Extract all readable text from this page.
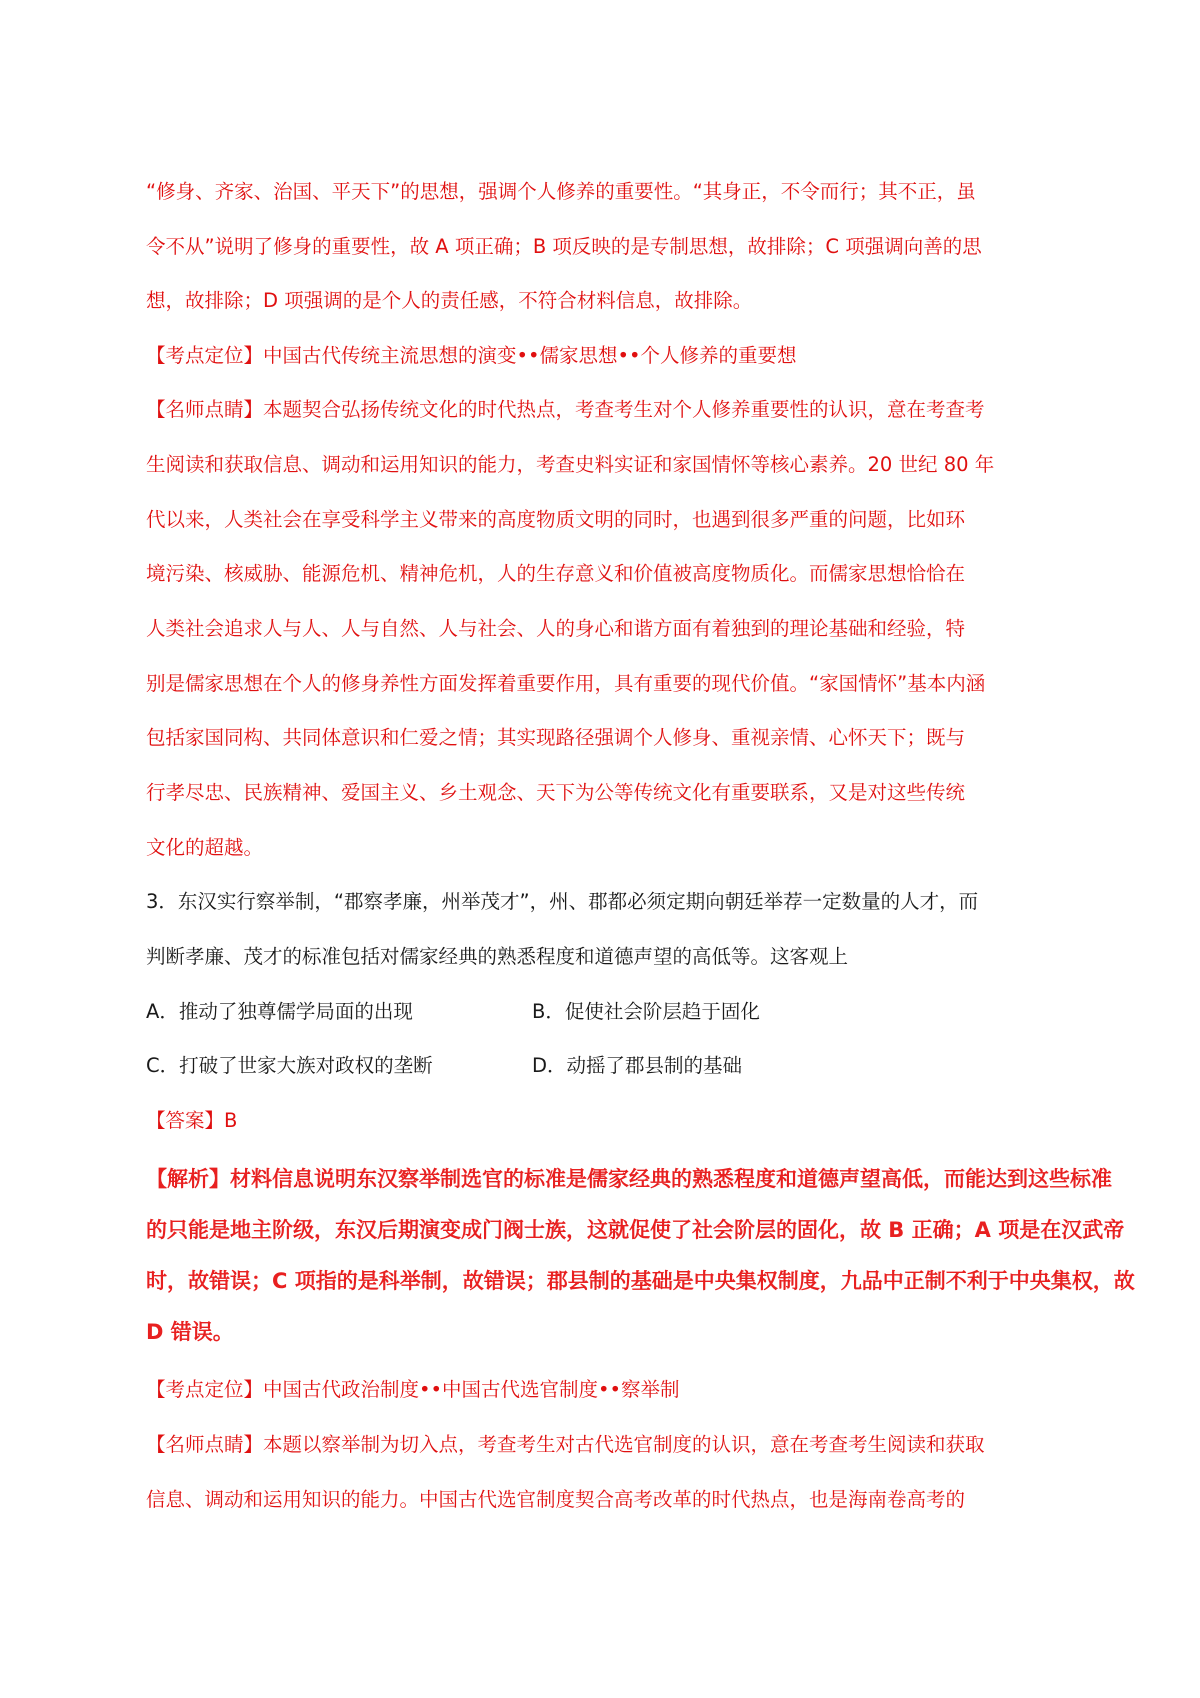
“修身、齐家、治国、平天下”的思想，强调个人修养的重要性。“其身正，不令而行；其不正，虽

令不从”说明了修身的重要性，故 A 项正确；B 项反映的是专制思想，故排除；C 项强调向善的思

想，故排除；D 项强调的是个人的责任感，不符合材料信息，故排除。

【考点定位】中国古代传统主流思想的演变••儒家思想••个人修养的重要想

【名师点睛】本题契合弘扬传统文化的时代热点，考查考生对个人修养重要性的认识，意在考查考

生阅读和获取信息、调动和运用知识的能力，考查史料实证和家国情怀等核心素养。20 世纪 80 年

代以来，人类社会在享受科学主义带来的高度物质文明的同时，也遇到很多严重的问题，比如环

境污染、核威胁、能源危机、精神危机，人的生存意义和价值被高度物质化。而儒家思想恰恰在

人类社会追求人与人、人与自然、人与社会、人的身心和谐方面有着独到的理论基础和经验，特

别是儒家思想在个人的修身养性方面发挥着重要作用，具有重要的现代价值。“家国情怀”基本内涵

包括家国同构、共同体意识和仁爱之情；其实现路径强调个人修身、重视亲情、心怀天下；既与

行孝尽忠、民族精神、爱国主义、乡土观念、天下为公等传统文化有重要联系，又是对这些传统

文化的超越。

3．东汉实行察举制，“郡察孝廉，州举茂才”，州、郡都必须定期向朝廷举荐一定数量的人才，而

判断孝廉、茂才的标准包括对儒家经典的熟悉程度和道德声望的高低等。这客观上

A．推动了独尊儒学局面的出现	B．促使社会阶层趋于固化

C．打破了世家大族对政权的垄断	D．动摇了郡县制的基础

【答案】B

【解析】材料信息说明东汉察举制选官的标准是儒家经典的熟悉程度和道德声望高低，而能达到这些标准

的只能是地主阶级，东汉后期演变成门阀士族，这就促使了社会阶层的固化，故 B 正确；A 项是在汉武帝

时，故错误；C 项指的是科举制，故错误；郡县制的基础是中央集权制度，九品中正制不利于中央集权，故

D 错误。

【考点定位】中国古代政治制度••中国古代选官制度••察举制

【名师点睛】本题以察举制为切入点，考查考生对古代选官制度的认识，意在考查考生阅读和获取

信息、调动和运用知识的能力。中国古代选官制度契合高考改革的时代热点，也是海南卷高考的
